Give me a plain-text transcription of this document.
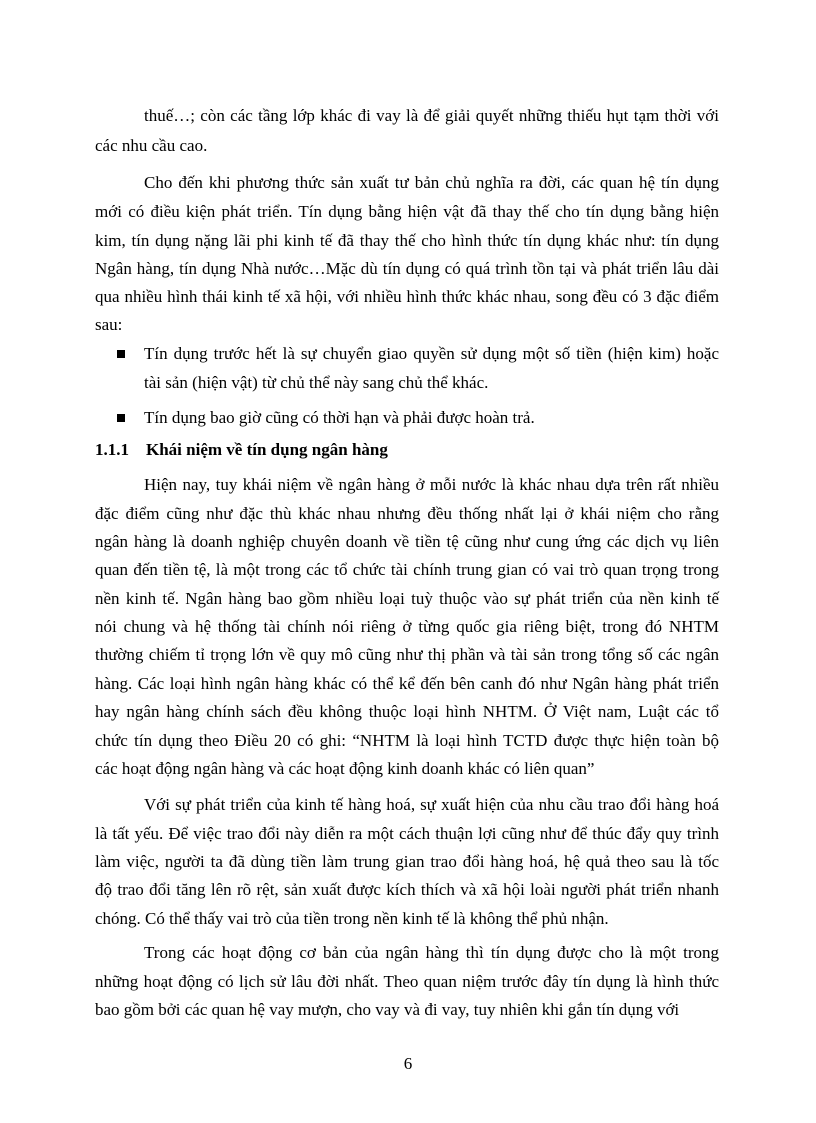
thuế…; còn các tầng lớp khác đi vay là để giải quyết những thiếu hụt tạm thời với
các nhu cầu cao.
Cho đến khi phương thức sản xuất tư bản chủ nghĩa ra đời, các quan hệ tín dụng
mới có điều kiện phát triển. Tín dụng bằng hiện vật đã thay thế cho tín dụng bằng hiện
kim, tín dụng nặng lãi phi kinh tế đã thay thế cho hình thức tín dụng khác như: tín dụng
Ngân hàng, tín dụng Nhà nước…Mặc dù tín dụng có quá trình tồn tại và phát triển lâu dài
qua nhiều hình thái kinh tế xã hội, với nhiều hình thức khác nhau, song đều có 3 đặc điểm
sau:
Tín dụng trước hết là sự chuyển giao quyền sử dụng một số tiền (hiện kim) hoặc
tài sản (hiện vật) từ chủ thể này sang chủ thể khác.
Tín dụng bao giờ cũng có thời hạn và phải được hoàn trả.
1.1.1 Khái niệm về tín dụng ngân hàng
Hiện nay, tuy khái niệm về ngân hàng ở mỗi nước là khác nhau dựa trên rất nhiều
đặc điểm cũng như đặc thù khác nhau nhưng đều thống nhất lại ở khái niệm cho rằng
ngân hàng là doanh nghiệp chuyên doanh về tiền tệ cũng như cung ứng các dịch vụ liên
quan đến tiền tệ, là một trong các tổ chức tài chính trung gian có vai trò quan trọng trong
nền kinh tế. Ngân hàng bao gồm nhiều loại tuỳ thuộc vào sự phát triển của nền kinh tế
nói chung và hệ thống tài chính nói riêng ở từng quốc gia riêng biệt, trong đó NHTM
thường chiếm tỉ trọng lớn về quy mô cũng như thị phần và tài sản trong tổng số các ngân
hàng. Các loại hình ngân hàng khác có thể kể đến bên canh đó như Ngân hàng phát triển
hay ngân hàng chính sách đều không thuộc loại hình NHTM. Ở Việt nam, Luật các tổ
chức tín dụng theo Điều 20 có ghi: “NHTM là loại hình TCTD được thực hiện toàn bộ
các hoạt động ngân hàng và các hoạt động kinh doanh khác có liên quan”
Với sự phát triển của kinh tế hàng hoá, sự xuất hiện của nhu cầu trao đổi hàng hoá
là tất yếu. Để việc trao đổi này diễn ra một cách thuận lợi cũng như để thúc đẩy quy trình
làm việc, người ta đã dùng tiền làm trung gian trao đổi hàng hoá, hệ quả theo sau là tốc
độ trao đổi tăng lên rõ rệt, sản xuất được kích thích và xã hội loài người phát triển nhanh
chóng. Có thể thấy vai trò của tiền trong nền kinh tế là không thể phủ nhận.
Trong các hoạt động cơ bản của ngân hàng thì tín dụng được cho là một trong
những hoạt động có lịch sử lâu đời nhất. Theo quan niệm trước đây tín dụng là hình thức
bao gồm bởi các quan hệ vay mượn, cho vay và đi vay, tuy nhiên khi gắn tín dụng với
6
